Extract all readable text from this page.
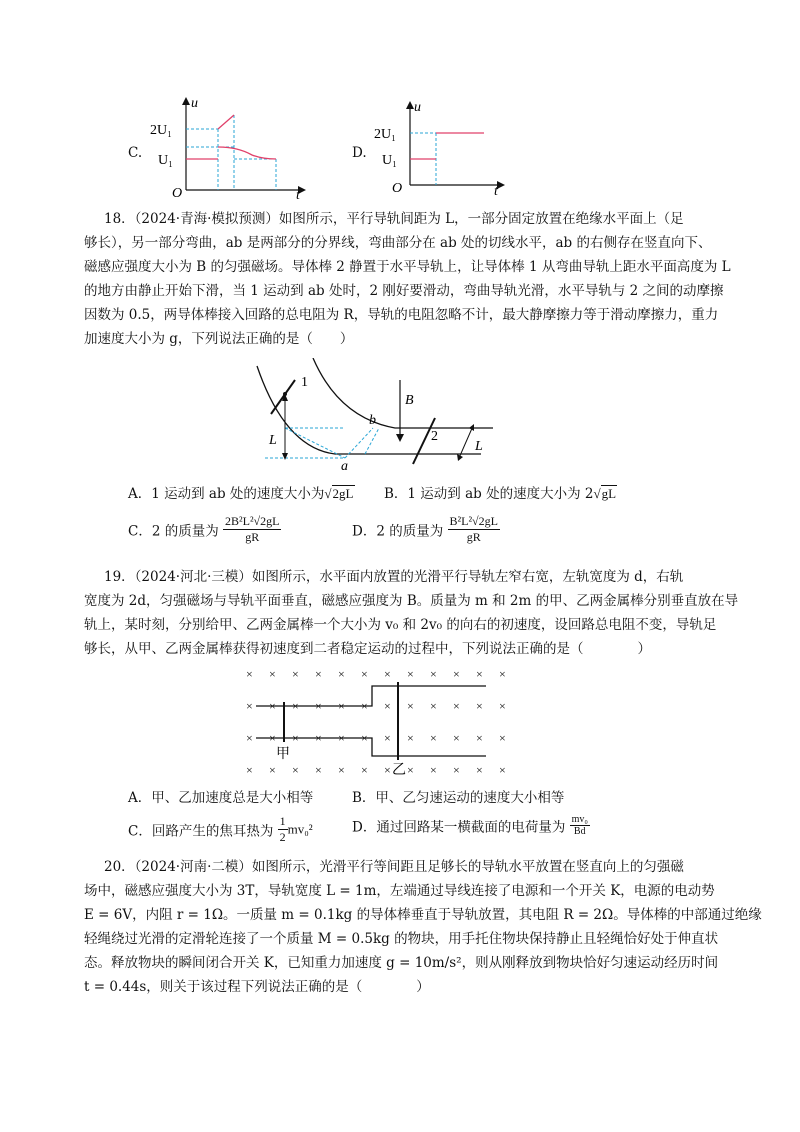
C.
u
t
O
2U₁
U₁	D.
u
t
O
2U₁
U₁
18．（2024·青海·模拟预测）如图所示，平行导轨间距为 L，一部分固定放置在绝缘水平面上（足
够长），另一部分弯曲，ab 是两部分的分界线，弯曲部分在 ab 处的切线水平，ab 的右侧存在竖直向下、
磁感应强度大小为 B 的匀强磁场。导体棒 2 静置于水平导轨上，让导体棒 1 从弯曲导轨上距水平面高度为 L
的地方由静止开始下滑，当 1 运动到 ab 处时，2 刚好要滑动，弯曲导轨光滑，水平导轨与 2 之间的动摩擦
因数为 0.5，两导体棒接入回路的总电阻为 R，导轨的电阻忽略不计，最大静摩擦力等于滑动摩擦力，重力
加速度大小为 g，下列说法正确的是（　　）
1
2
b
a
B
L	L
A．1 运动到 ab 处的速度大小为√2gL B．1 运动到 ab 处的速度大小为 2√gL
C．2 的质量为 $\frac{\text{2B²L²√2gL}}{gR}$	D．2 的质量为 $\frac{\text{B²L²√2gL}}{gR}$
19．（2024·河北·三模）如图所示，水平面内放置的光滑平行导轨左窄右宽，左轨宽度为 d，右轨
宽度为 2d，匀强磁场与导轨平面垂直，磁感应强度为 B。质量为 m 和 2m 的甲、乙两金属棒分别垂直放在导
轨上，某时刻，分别给甲、乙两金属棒一个大小为 v₀ 和 2v₀ 的向右的初速度，设回路总电阻不变，导轨足
够长，从甲、乙两金属棒获得初速度到二者稳定运动的过程中，下列说法正确的是（　　　　）
× × × × × × × × × × × ×
× × × × × × × × × × × ×
× × × × × × × × × × × ×
× × × × × × × × × × × ×
甲
乙
A．甲、乙加速度总是大小相等	B．甲、乙匀速运动的速度大小相等
C．回路产生的焦耳热为 $\frac{1}{2} mv_0^2$	D．通过回路某一横截面的电荷量为 $\frac{\text{mv₀}}{Bd}$
20．（2024·河南·二模）如图所示，光滑平行等间距且足够长的导轨水平放置在竖直向上的匀强磁
场中，磁感应强度大小为 3T，导轨宽度 L = 1m，左端通过导线连接了电源和一个开关 K，电源的电动势
E = 6V，内阻 r = 1Ω。一质量 m = 0.1kg 的导体棒垂直于导轨放置，其电阻 R = 2Ω。导体棒的中部通过绝缘
轻绳绕过光滑的定滑轮连接了一个质量 M = 0.5kg 的物块，用手托住物块保持静止且轻绳恰好处于伸直状
态。释放物块的瞬间闭合开关 K，已知重力加速度 g = 10m/s²，则从刚释放到物块恰好匀速运动经历时间
t = 0.44s，则关于该过程下列说法正确的是（　　　　）
